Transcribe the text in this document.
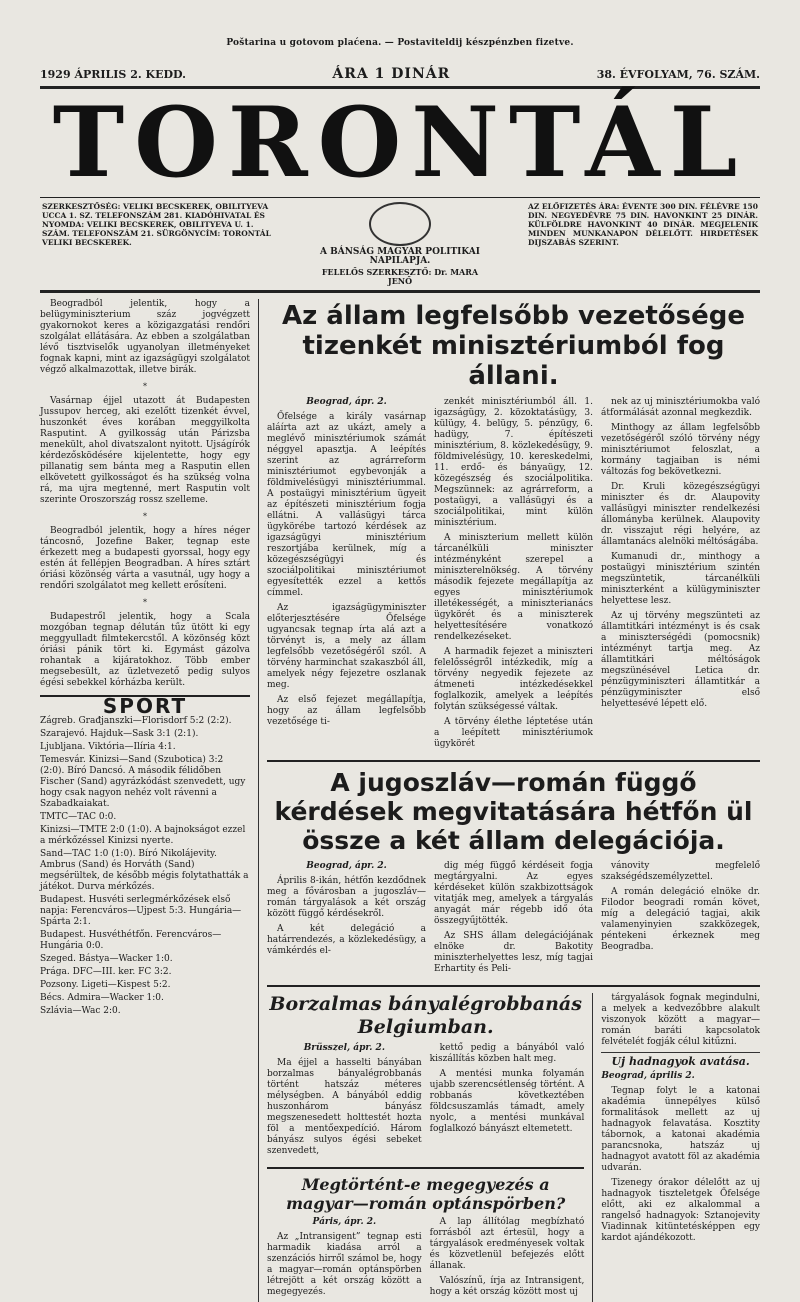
Poštarina u gotovom plaćena. — Postaviteldij készpénzben fizetve.
1929 ÁPRILIS 2. KEDD.	ÁRA 1 DINÁR	38. ÉVFOLYAM, 76. SZÁM.
TORONTÁL
SZERKESZTŐSÉG: VELIKI BECSKEREK, OBILITYEVA UCCA 1. SZ. TELEFONSZÁM 281. KIADÓHIVATAL ÉS NYOMDA: VELIKI BECSKEREK, OBILITYEVA U. 1. SZÁM. TELEFONSZÁM 21. SÜRGÖNYCÍM: TORONTÁL VELIKI BECSKEREK.
A BÁNSÁG MAGYAR POLITIKAI NAPILAPJA.
FELELŐS SZERKESZTŐ: Dr. MARA JENŐ
AZ ELŐFIZETÉS ÁRA: ÉVENTE 300 DIN. FÉLÉVRE 150 DIN. NEGYEDÉVRE 75 DIN. HAVONKINT 25 DINÁR. KÜLFÖLDRE HAVONKINT 40 DINÁR. MEGJELENIK MINDEN MUNKANAPON DÉLELŐTT. HIRDETÉSEK DIJSZABÁS SZERINT.

Beogradból jelentik, hogy a belügyminiszterium száz jogvégzett gyakornokot keres a közigazgatási rendőri szolgálat ellátására. Az ebben a szolgálatban lévő tisztviselők ugyanolyan illetményeket fognak kapni, mint az igazságügyi szolgálatot végző alkalmazottak, illetve birák.

*

Vasárnap éjjel utazott át Budapesten Jussupov herceg, aki ezelőtt tizenkét évvel, huszonkét éves korában meggyilkolta Rasputint. A gyilkosság után Párizsba menekült, ahol divatszalont nyitott. Ujságírók kérdezősködésére kijelentette, hogy egy pillanatig sem bánta meg a Rasputin ellen elkövetett gyilkosságot és ha szükség volna rá, ma ujra megtenné, mert Rasputin volt szerinte Oroszország rossz szelleme.

*

Beogradból jelentik, hogy a híres néger táncosnő, Jozefine Baker, tegnap este érkezett meg a budapesti gyorssal, hogy egy estén át fellépjen Beogradban. A híres sztárt óriási közönség várta a vasutnál, ugy hogy a rendőri szolgálatot meg kellett erősíteni.

*

Budapestről jelentik, hogy a Scala mozgóban tegnap délután tűz ütött ki egy meggyulladt filmtekercstől. A közönség közt óriási pánik tört ki. Egymást gázolva rohantak a kijáratokhoz. Több ember megsebesült, az üzletvezető pedig sulyos égési sebekkel kórházba került.

SPORT

Zágreb. Građjanszki—Florisdorf 5:2 (2:2).

Szarajevó. Hajduk—Sask 3:1 (2:1).

Ljubljana. Viktória—Ilíria 4:1.

Temesvár. Kinizsi—Sand (Szubotica) 3:2 (2:0). Bíró Dancsó. A második félidőben Fischer (Sand) agyrázkódást szenvedett, ugy hogy csak nagyon nehéz volt rávenni a Szabadkaiakat.

TMTC—TAC 0:0.

Kinizsi—TMTE 2:0 (1:0). A bajnokságot ezzel a mérkőzéssel Kinizsi nyerte.

Sand—TAC 1:0 (1:0). Bíró Nikolájevity. Ambrus (Sand) és Horváth (Sand) megsérültek, de később mégis folytathatták a játékot. Durva mérkőzés.

Budapest. Husvéti serlegmérkőzések első napja: Ferencváros—Ujpest 5:3. Hungária—Spárta 2:1.

Budapest. Husvéthétfőn. Ferencváros—Hungária 0:0.

Szeged. Bástya—Wacker 1:0.

Prága. DFC—III. ker. FC 3:2.

Pozsony. Ligeti—Kispest 5:2.

Bécs. Admira—Wacker 1:0.

Szlávia—Wac 2:0.

Az állam legfelsőbb vezetősége tizenkét minisztériumból fog állani.

Beograd, ápr. 2.

Őfelsége a király vasárnap aláírta azt az ukázt, amely a meglévő minisztériumok számát néggyel apasztja. A leépítés szerint az agrárreform minisztériumot egybevonják a földmivelésügyi minisztériummal. A postaügyi minisztérium ügyeit az építészeti minisztérium fogja ellátni. A vallásügyi tárca ügykörébe tartozó kérdések az igazságügyi minisztérium reszortjába kerülnek, míg a közegészségügyi és szociálpolitikai minisztériumot egyesítették ezzel a kettős címmel.

Az igazságügyminiszter előterjesztésére Őfelsége ugyancsak tegnap írta alá azt a törvényt is, a mely az állam legfelsőbb vezetőségéről szól. A törvény harminchat szakaszból áll, amelyek négy fejezetre oszlanak meg.

Az első fejezet megállapítja, hogy az állam legfelsőbb vezetősége ti-

zenkét minisztériumból áll. 1. igazságügy, 2. közoktatásügy, 3. külügy, 4. belügy, 5. pénzügy, 6. hadügy, 7. építészeti minisztérium, 8. közlekedésügy, 9. földmivelésügy, 10. kereskedelmi, 11. erdő- és bányaügy, 12. közegészség és szociálpolitika. Megszünnek: az agrárreform, a postaügyi, a vallásügyi és a szociálpolitikai, mint külön minisztérium.

A miniszterium mellett külön tárcanélküli miniszter intézményként szerepel a miniszterelnökség. A törvény második fejezete megállapítja az egyes minisztériumok illetékességét, a miniszterianács ügykörét és a miniszterek helyettesítésére vonatkozó rendelkezéseket.

A harmadik fejezet a miniszteri felelősségről intézkedik, míg a törvény negyedik fejezete az átmeneti intézkedésekkel foglalkozik, amelyek a leépítés folytán szükségessé váltak.

A törvény élethe léptetése után a leépített minisztériumok ügykörét

nek az uj minisztériumokba való átformálását azonnal megkezdik.

Minthogy az állam legfelsőbb vezetőségéről szóló törvény négy minisztériumot feloszlat, a kormány tagjaiban is némi változás fog bekövetkezni.

Dr. Kruli közegészségügyi miniszter és dr. Alaupovity vallásügyi miniszter rendelkezési állományba kerülnek. Alaupovity dr. visszajut régi helyére, az államtanács alelnöki méltóságába.

Kumanudi dr., minthogy a postaügyi minisztérium szintén megszüntetik, tárcanélküli miniszterként a külügyminiszter helyettese lesz.

Az uj törvény megszünteti az államtitkári intézményt is és csak a miniszterségédi (pomocsnik) intézményt tartja meg. Az államtitkári méltóságok megszünésével Letica dr. pénzügyminiszteri államtitkár a pénzügyminiszter első helyettesévé lépett elő.

A jugoszláv—román függő kérdések megvitatására hétfőn ül össze a két állam delegációja.

Beograd, ápr. 2.

Április 8-ikán, hétfőn kezdődnek meg a fővárosban a jugoszláv—román tárgyalások a két ország között függő kérdésekről.

A két delegáció a határrendezés, a közlekedésügy, a vámkérdés el-

dig még függő kérdéseit fogja megtárgyalni. Az egyes kérdéseket külön szakbizottságok vitatják meg, amelyek a tárgyalás anyagát már régebb idő óta összegyűjtötték.

Az SHS állam delegációjának elnöke dr. Bakotity miniszterhelyettes lesz, míg tagjai Erhartity és Peli-

vánovity megfelelő szakségédszemélyzettel.

A román delegáció elnöke dr. Filodor beogradi román követ, míg a delegáció tagjai, akik valamenyinyien szakközegek, péntekeni érkeznek meg Beogradba.

Borzalmas bányalégrobbanás Belgiumban.

Brüsszel, ápr. 2.

Ma éjjel a hasselti bányában borzalmas bányalégrobbanás történt hatszáz méteres mélységben. A bányából eddig huszonhárom bányász megszenesedett holttestét hozta föl a mentőexpedíció. Három bányász sulyos égési sebeket szenvedett,

kettő pedig a bányából való kiszállítás közben halt meg.

A mentési munka folyamán ujabb szerencsétlenség történt. A robbanás következtében földcsuszamlás támadt, amely nyolc, a mentési munkával foglalkozó bányászt eltemetett.

Megtörtént-e megegyezés a magyar—román optánspörben?

Páris, ápr. 2.

Az „Intransigent” tegnap esti harmadik kiadása arról a szenzációs hirről számol be, hogy a magyar—román optánspörben létrejött a két ország között a megegyezés.

A lap állítólag megbízható forrásból azt értesül, hogy a tárgyalások eredményesek voltak és közvetlenül befejezés előtt állanak.

Valószínű, írja az Intransigent, hogy a két ország között most uj

tárgyalások fognak megindulni, a melyek a kedvezőbbre alakult viszonyok között a magyar—román baráti kapcsolatok felvételét fogják célul kitűzni.

Uj hadnagyok avatása.

Beograd, április 2.

Tegnap folyt le a katonai akadémia ünnepélyes külső formalitások mellett az uj hadnagyok felavatása. Kosztity tábornok, a katonai akadémia parancsnoka, hatszáz uj hadnagyot avatott föl az akadémia udvarán.

Tizenegy órakor délelőtt az uj hadnagyok tiszteletgek Őfelsége előtt, aki ez alkalommal a rangelső hadnagyok: Sztanojevity Viadinnak kitüntetésképpen egy kardot ajándékozott.
